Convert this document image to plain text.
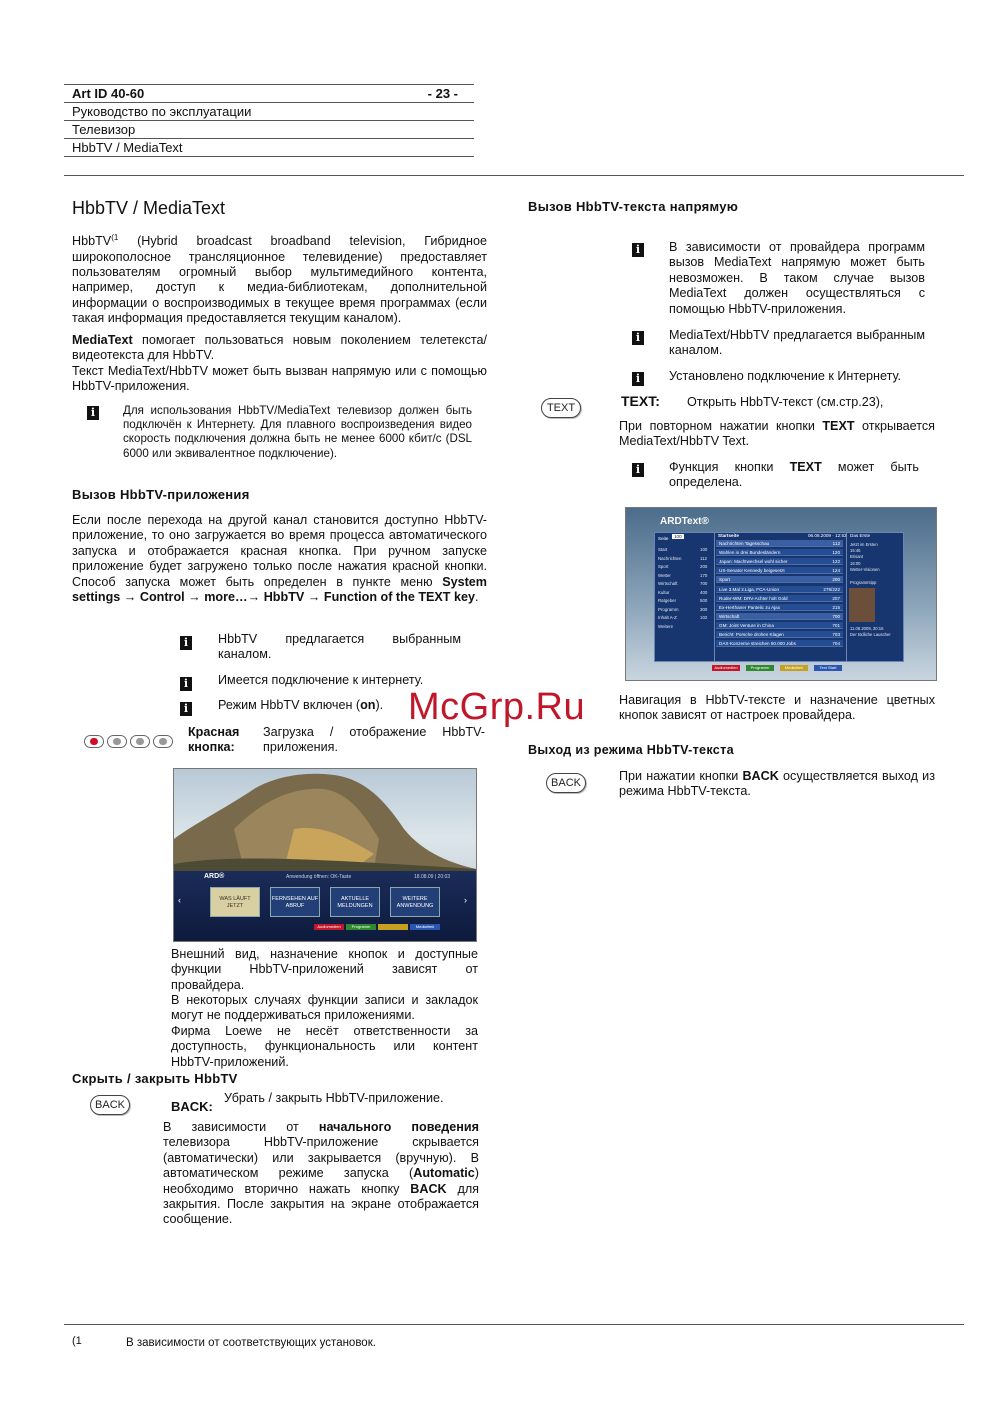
Art ID 40-60	- 23 -
Руководство по эксплуатации
Телевизор
HbbTV / MediaText
HbbTV / MediaText

HbbTV$^{(1}$ (Hybrid broadcast broadband television, Гибридное широкополосное трансляционное телевидение) предоставляет пользователям огромный выбор мультимедийного контента, например, доступ к медиа-библиотекам, дополнительной информации о воспроизводимых в текущее время программах (если такая информация предоставляется текущим каналом).

MediaText помогает пользоваться новым поколением телетекста/видеотекста для HbbTV.
Текст MediaText/HbbTV может быть вызван напрямую или с помощью HbbTV-приложения.

i	Для использования HbbTV/MediaText телевизор должен быть подключён к Интернету. Для плавного воспроизведения видео скорость подключения должна быть не менее 6000 кбит/с (DSL 6000 или эквивалентное подключение).

Вызов HbbTV-приложения

Если после перехода на другой канал становится доступно HbbTV-приложение, то оно загружается во время процесса автоматического запуска и отображается красная кнопка. При ручном запуске приложение будет загружено только после нажатия красной кнопки. Способ запуска может быть определен в пункте меню System settings → Control → more…→ HbbTV → Function of the TEXT key.

i	HbbTV предлагается выбранным каналом.

i	Имеется подключение к интернету.

i	Режим HbbTV включен (on).

Красная кнопка:

Загрузка / отображение HbbTV-приложения.

ARD®	Anwendung öffnen: OK-Taste	18.08.09 | 20:03
‹	›
WAS LÄUFT JETZT
FERNSEHEN AUF ABRUF
AKTUELLE MELDUNGEN
WEITERE ANWENDUNG
Audiomedien	Programm	Mediathek

Внешний вид, назначение кнопок и доступные функции HbbTV-приложений зависят от провайдера.

В некоторых случаях функции записи и закладок могут не поддерживаться приложениями.

Фирма Loewe не несёт ответственности за доступность, функциональность или контент HbbTV-приложений.

Скрыть / закрыть HbbTV

BACK	BACK:

Убрать / закрыть HbbTV-приложение.

В зависимости от начального поведения телевизора HbbTV-приложение скрывается (автоматически) или закрывается (вручную). В автоматическом режиме запуска (Automatic) необходимо вторично нажать кнопку BACK для закрытия. После закрытия на экране отображается сообщение.

Вызов HbbTV-текста напрямую

i	В зависимости от провайдера программ вызов MediaText напрямую может быть невозможен. В таком случае вызов MediaText должен осуществляться с помощью HbbTV-приложения.

i	MediaText/HbbTV предлагается выбранным каналом.

i	Установлено подключение к Интернету.

TEXT	TEXT: Открыть HbbTV-текст (см.стр.23),

При повторном нажатии кнопки TEXT открывается MediaText/HbbTV Text.

i	Функция кнопки TEXT может быть определена.

ARDText®
Startseite	06.08.2009 · 12:52 Das Erste
Seite	100
Start	100
Nachrichten	112
Sport	200
Wetter	170
Wirtschaft	700
Kultur	400
Ratgeber	500
Programm	300
Inhalt A-Z	102
Weitere
Nachrichten Tagesschau	112
Wahlen in drei Bundesländern	120
Japan: Machtwechsel wohl sicher	122
US-Senator Kennedy beigesetzt	124
Sport	200
Live 3.Mal 2.Liga, FCA-Union	276/222
Ruder-WM: DRV-Achter holt Gold	207
Ex-Herthaner Pantelic zu Ajax	215
Wirtschaft	700
GM: Joint Venture in China	701
Bericht: Porsche drohen Klagen	703
DAX-Konzerne streichen 50.000 Jobs	704
Jetzt im Ersten
15:45
Brisant
16:00
Wetter-Visionen
Programmtipp
11.08.2009, 20:15
Der tödliche Lauscher
Audiomedien	Programm	Mediathek	Text Start

Навигация в HbbTV-тексте и назначение цветных кнопок зависят от настроек провайдера.

Выход из режима HbbTV-текста

BACK	При нажатии кнопки BACK осуществляется выход из режима HbbTV-текста.

McGrp.Ru
(1	В зависимости от соответствующих установок.
